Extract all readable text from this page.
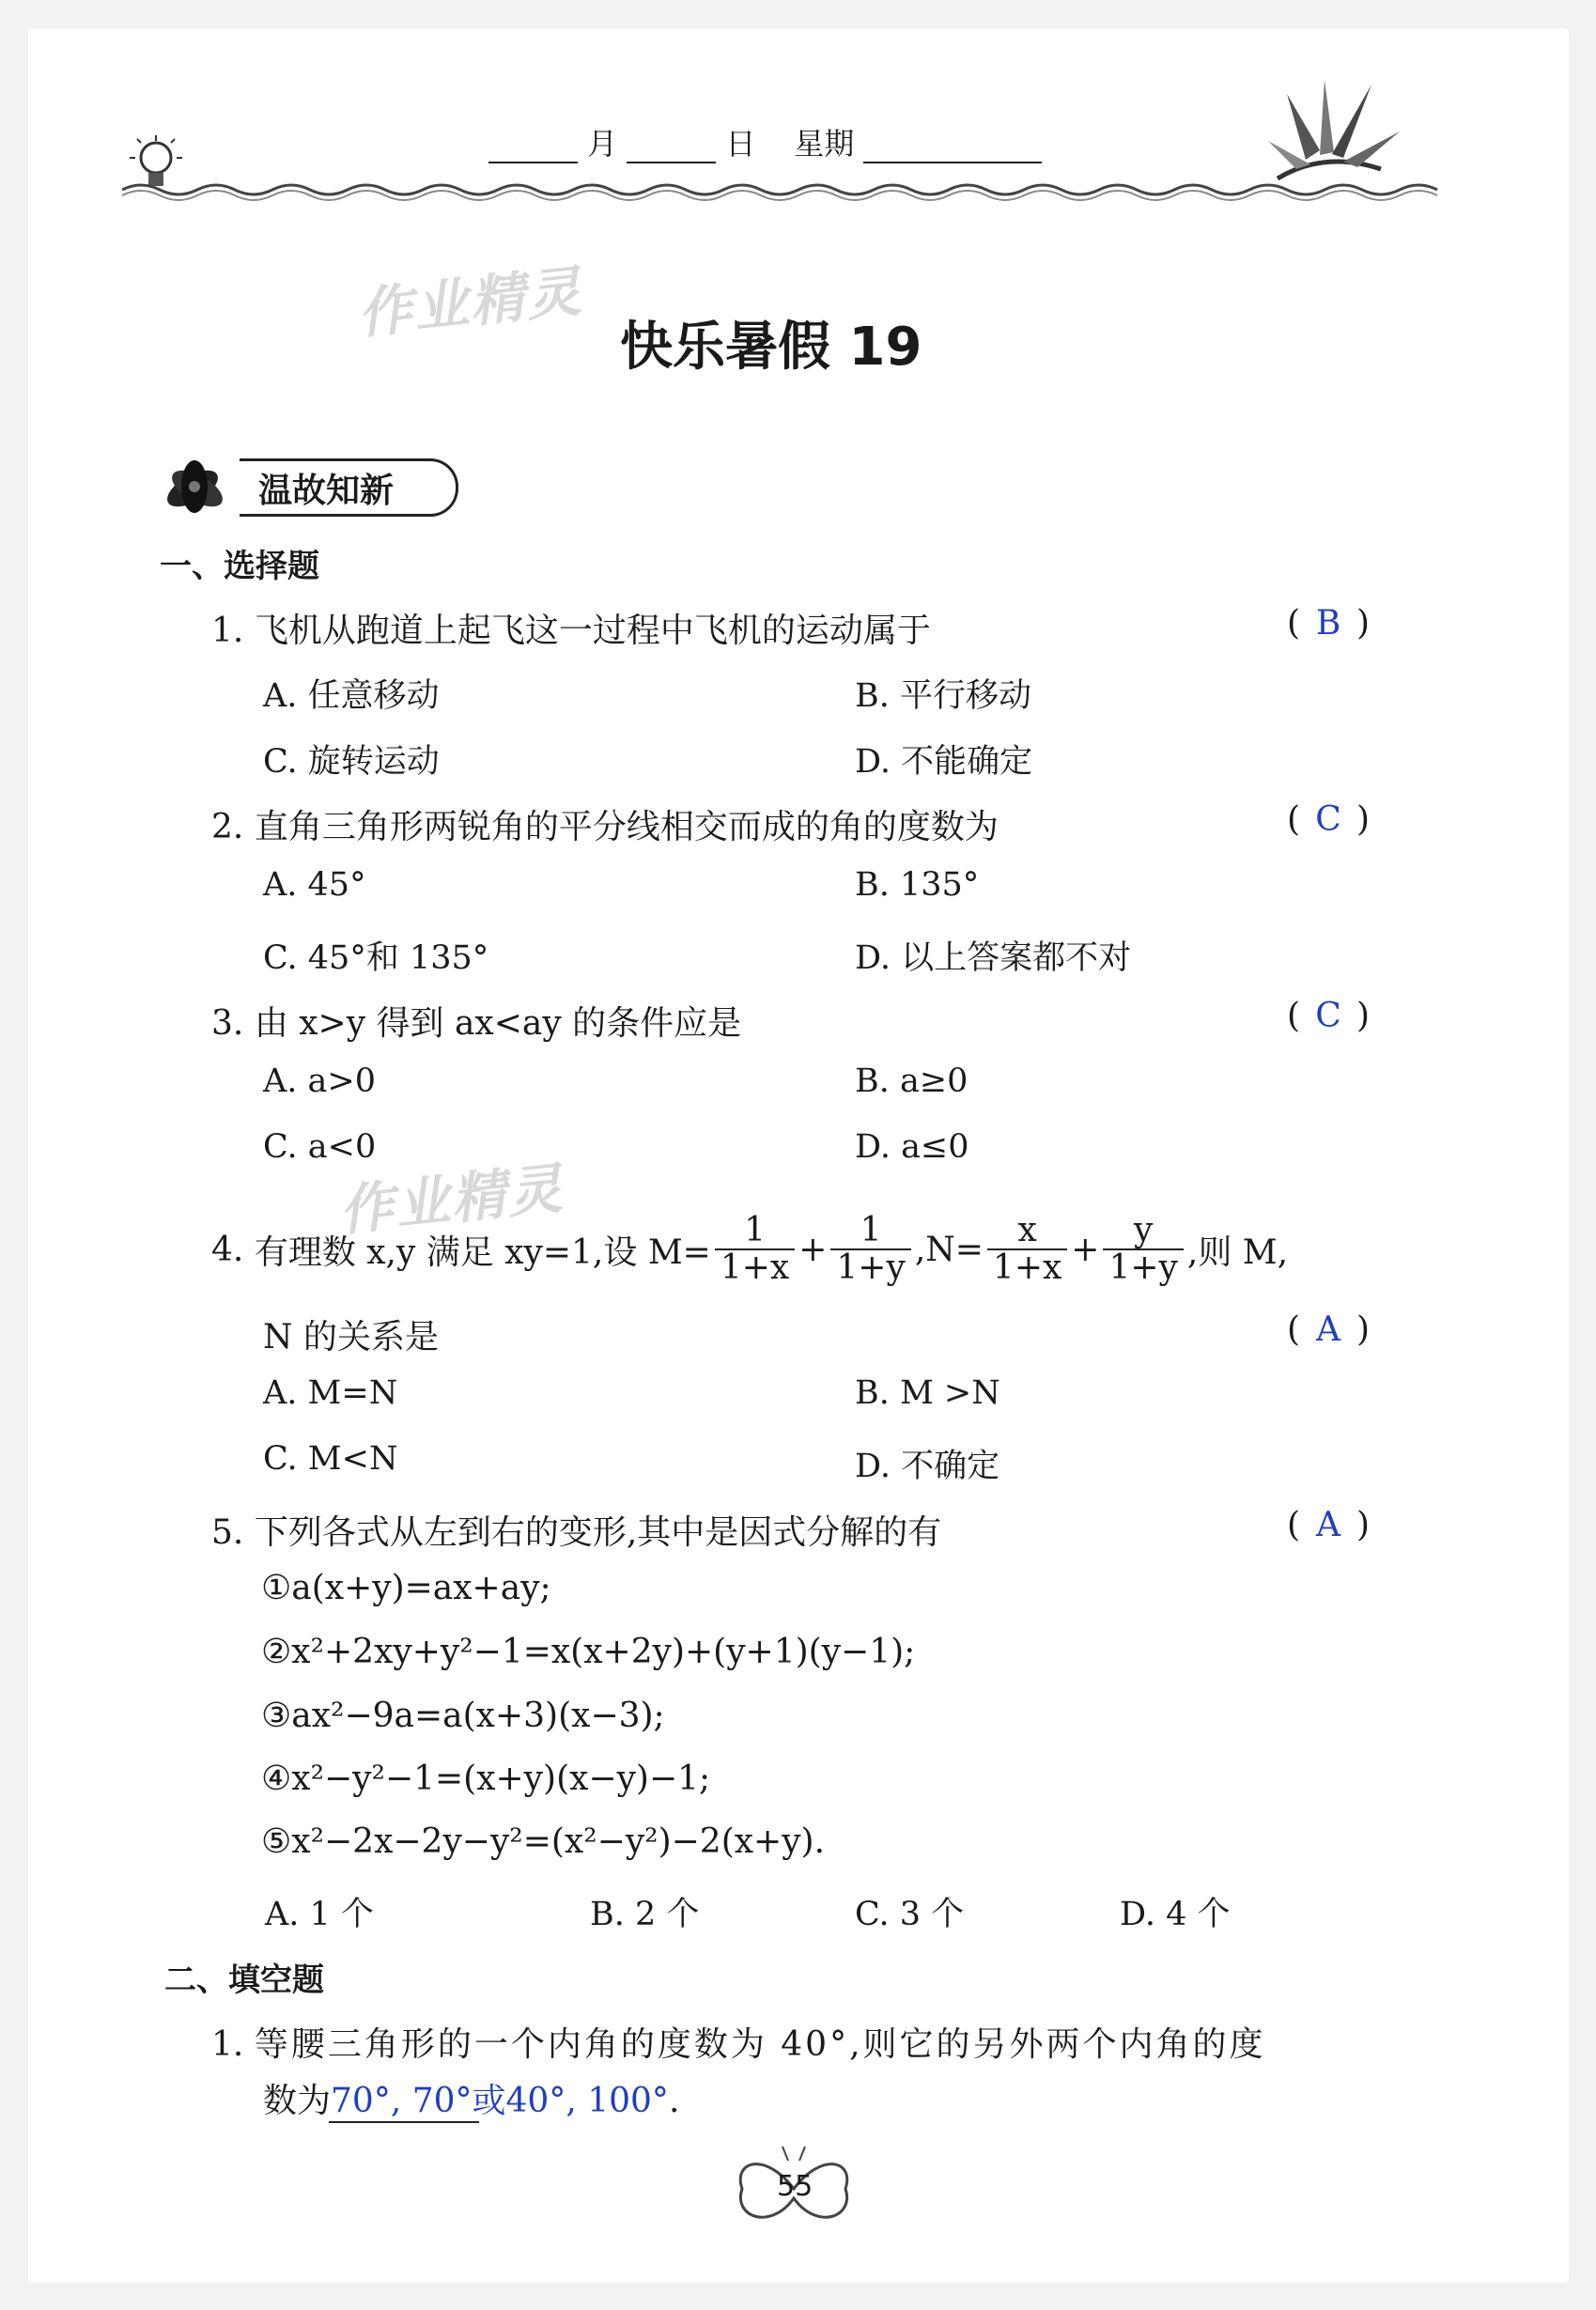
月	日 星期
作业精灵
快乐暑假 19
温故知新
一、选择题
1. 飞机从跑道上起飞这一过程中飞机的运动属于	( B )
A. 任意移动	B. 平行移动
C. 旋转运动	D. 不能确定
2. 直角三角形两锐角的平分线相交而成的角的度数为	( C )
A. 45°	B. 135°
C. 45°和 135°	D. 以上答案都不对
3. 由 x>y 得到 ax<ay 的条件应是	( C )
A. a>0	B. a≥0
C. a<0	D. a≤0
作业精灵
4.
有理数 x,y 满足 xy=1,设 $M= \frac{1}{1+x} + \frac{1}{1+y} ,N= \frac{x}{1+x} + \frac{y}{1+y}$ ,则 M,
N 的关系是	( A )
A. M=N	B. M >N
C. M<N	D. 不确定
5. 下列各式从左到右的变形,其中是因式分解的有	( A )
①a(x+y)=ax+ay;
②x²+2xy+y²−1=x(x+2y)+(y+1)(y−1);
③ax²−9a=a(x+3)(x−3);
④x²−y²−1=(x+y)(x−y)−1;
⑤x²−2x−2y−y²=(x²−y²)−2(x+y).
A. 1 个	B. 2 个	C. 3 个	D. 4 个
二、填空题
1. 等腰三角形的一个内角的度数为 40°,则它的另外两个内角的度
数为70°, 70°或40°, 100°.
55
